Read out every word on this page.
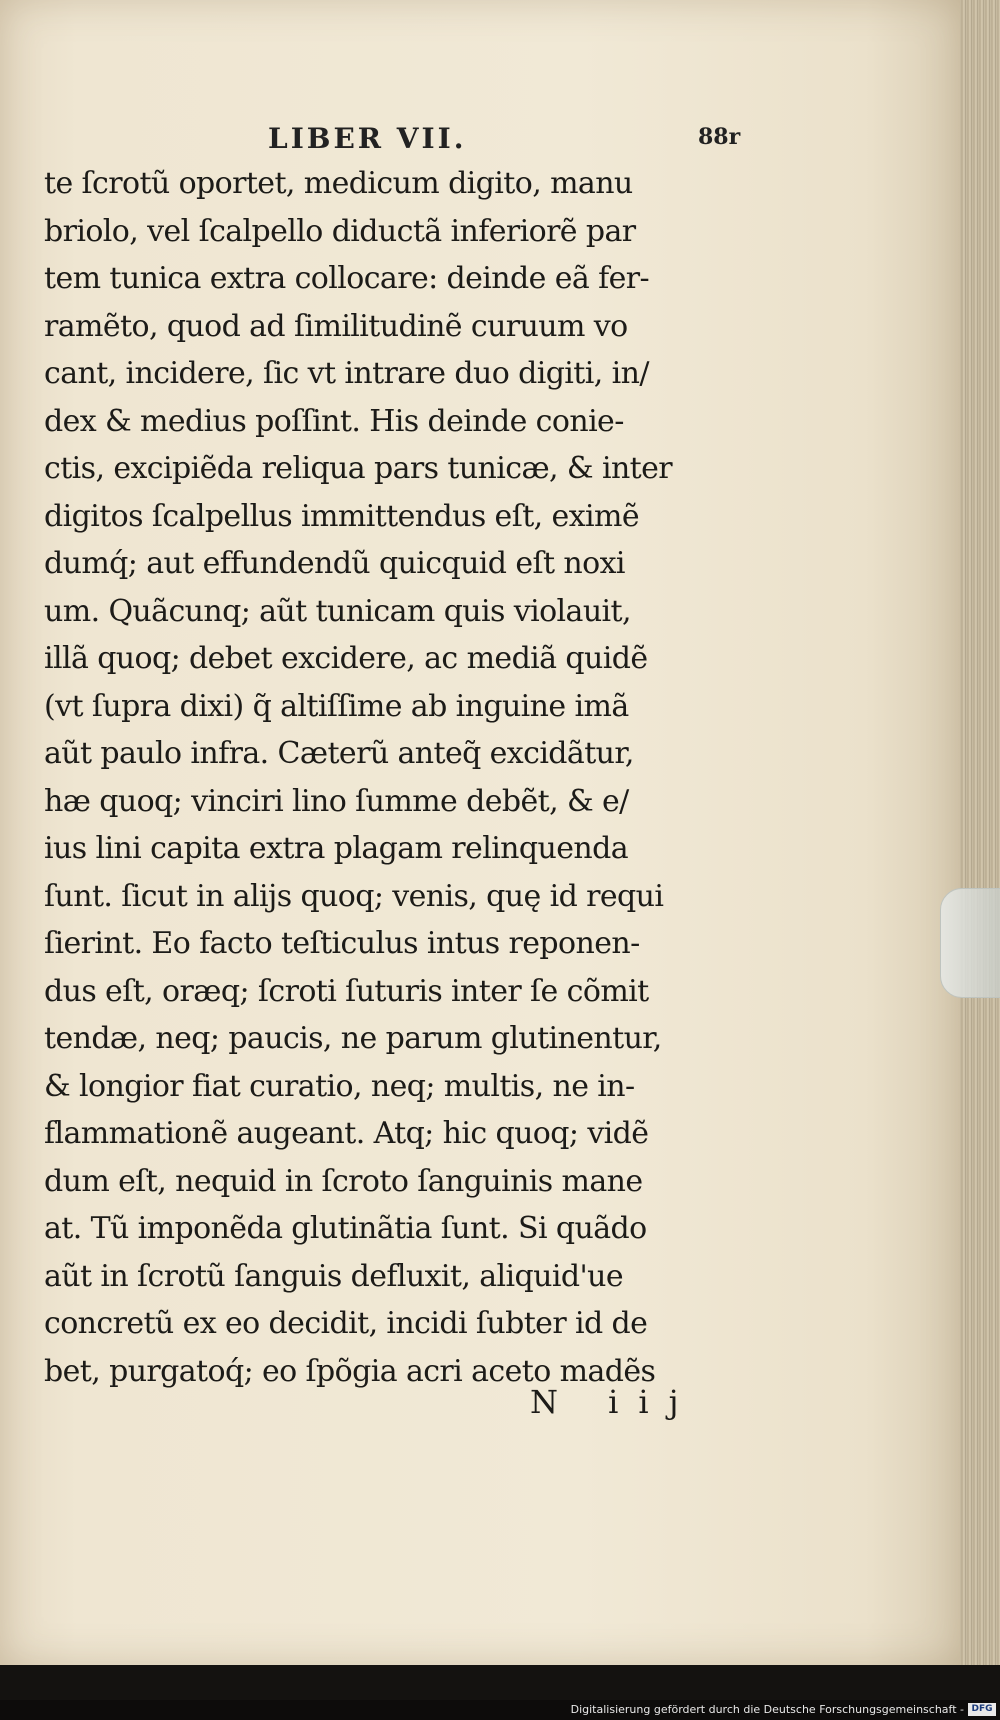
LIBER VII.	88r
te ſcrotũ oportet, medicum digito, manu
briolo, vel ſcalpello diductã inferiorẽ par
tem tunica extra collocare: deinde eã fer-
ramẽto, quod ad ſimilitudinẽ curuum vo
cant, incidere, ſic vt intrare duo digiti, in/
dex & medius poſſint. His deinde conie-
ctis, excipiẽda reliqua pars tunicæ, & inter
digitos ſcalpellus immittendus eſt, eximẽ
dumq́; aut effundendũ quicquid eſt noxi
um. Quãcunq; aũt tunicam quis violauit,
illã quoq; debet excidere, ac mediã quidẽ
(vt ſupra dixi) q̃ altiſſime ab inguine imã
aũt paulo infra. Cæterũ anteq̃ excidãtur,
hæ quoq; vinciri lino ſumme debẽt, & e/
ius lini capita extra plagam relinquenda
ſunt. ſicut in alijs quoq; venis, quę id requi
ſierint. Eo facto teſticulus intus reponen-
dus eſt, oræq; ſcroti ſuturis inter ſe cõmit
tendæ, neq; paucis, ne parum glutinentur,
& longior fiat curatio, neq; multis, ne in-
flammationẽ augeant. Atq; hic quoq; vidẽ
dum eſt, nequid in ſcroto ſanguinis mane
at. Tũ imponẽda glutinãtia ſunt. Si quãdo
aũt in ſcrotũ ſanguis defluxit, aliquid'ue
concretũ ex eo decidit, incidi ſubter id de
bet, purgatoq́; eo ſpõgia acri aceto madẽs
N iij
Digitalisierung gefördert durch die Deutsche Forschungsgemeinschaft - DFG
